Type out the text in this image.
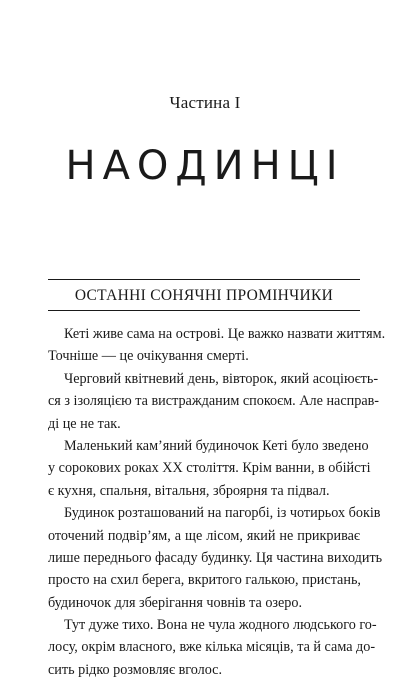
Частина І
НАОДИНЦІ
ОСТАННІ СОНЯЧНІ ПРОМІНЧИКИ
Кеті живе сама на острові. Це важко назвати життям.
Точніше — це очікування смерті.
Черговий квітневий день, вівторок, який асоціюєть-
ся з ізоляцією та вистражданим спокоєм. Але насправ-
ді це не так.
Маленький кам’яний будиночок Кеті було зведено
у сорокових роках XX століття. Крім ванни, в обійсті
є кухня, спальня, вітальня, зброярня та підвал.
Будинок розташований на пагорбі, із чотирьох боків
оточений подвір’ям, а ще лісом, який не прикриває
лише переднього фасаду будинку. Ця частина виходить
просто на схил берега, вкритого галькою, пристань,
будиночок для зберігання човнів та озеро.
Тут дуже тихо. Вона не чула жодного людського го-
лосу, окрім власного, вже кілька місяців, та й сама до-
сить рідко розмовляє вголос.
